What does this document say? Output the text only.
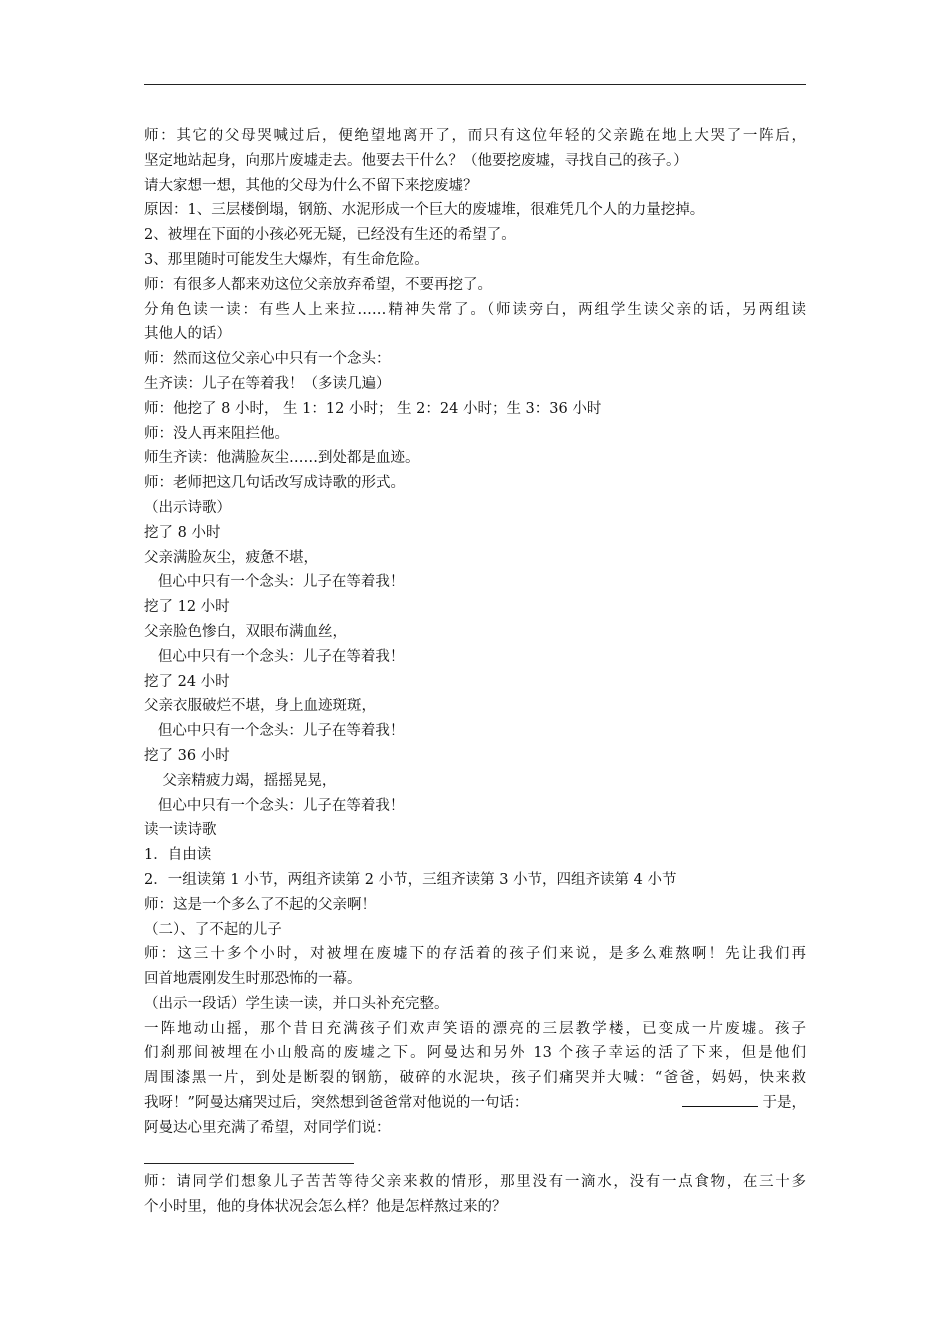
师：其它的父母哭喊过后，便绝望地离开了，而只有这位年轻的父亲跪在地上大哭了一阵后，
坚定地站起身，向那片废墟走去。他要去干什么？（他要挖废墟，寻找自己的孩子。）
请大家想一想，其他的父母为什么不留下来挖废墟？
原因：1、三层楼倒塌，钢筋、水泥形成一个巨大的废墟堆，很难凭几个人的力量挖掉。
2、被埋在下面的小孩必死无疑，已经没有生还的希望了。
3、那里随时可能发生大爆炸，有生命危险。
师：有很多人都来劝这位父亲放弃希望，不要再挖了。
分角色读一读：有些人上来拉……精神失常了。（师读旁白，两组学生读父亲的话，另两组读
其他人的话）
师：然而这位父亲心中只有一个念头：
生齐读：儿子在等着我！（多读几遍）
师：他挖了 8 小时， 生 1：12 小时； 生 2：24 小时；生 3：36 小时
师：没人再来阻拦他。
师生齐读：他满脸灰尘……到处都是血迹。
师：老师把这几句话改写成诗歌的形式。
（出示诗歌）
挖了 8 小时
父亲满脸灰尘，疲惫不堪，
但心中只有一个念头：儿子在等着我！
挖了 12 小时
父亲脸色惨白，双眼布满血丝，
但心中只有一个念头：儿子在等着我！
挖了 24 小时
父亲衣服破烂不堪，身上血迹斑斑，
但心中只有一个念头：儿子在等着我！
挖了 36 小时
父亲精疲力竭，摇摇晃晃，
但心中只有一个念头：儿子在等着我！
读一读诗歌
1．自由读
2．一组读第 1 小节，两组齐读第 2 小节，三组齐读第 3 小节，四组齐读第 4 小节
师：这是一个多么了不起的父亲啊！
（二）、了不起的儿子
师：这三十多个小时，对被埋在废墟下的存活着的孩子们来说，是多么难熬啊！先让我们再
回首地震刚发生时那恐怖的一幕。
（出示一段话）学生读一读，并口头补充完整。
一阵地动山摇，那个昔日充满孩子们欢声笑语的漂亮的三层教学楼，已变成一片废墟。孩子
们刹那间被埋在小山般高的废墟之下。阿曼达和另外 13 个孩子幸运的活了下来，但是他们
周围漆黑一片，到处是断裂的钢筋，破碎的水泥块，孩子们痛哭并大喊：“爸爸，妈妈，快来救
我呀！”阿曼达痛哭过后，突然想到爸爸常对他说的一句话：	于是，
阿曼达心里充满了希望，对同学们说：
师：请同学们想象儿子苦苦等待父亲来救的情形，那里没有一滴水，没有一点食物，在三十多
个小时里，他的身体状况会怎么样？他是怎样熬过来的？
